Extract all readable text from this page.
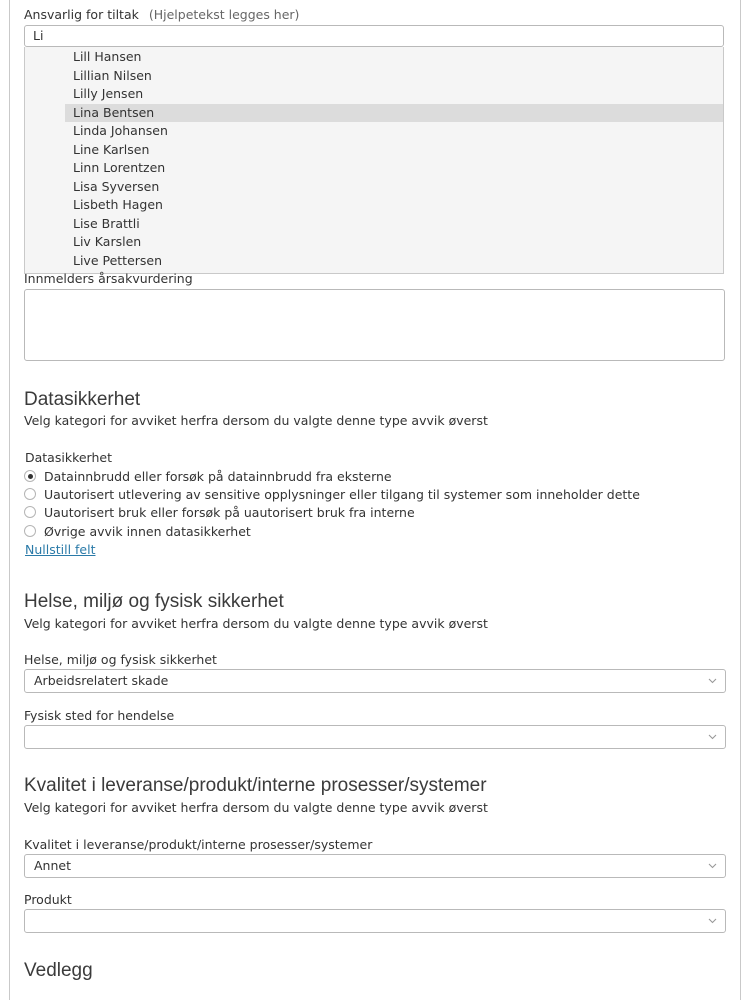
Ansvarlig for tiltak (Hjelpetekst legges her)
Li
Lill Hansen
Lillian Nilsen
Lilly Jensen
Lina Bentsen
Linda Johansen
Line Karlsen
Linn Lorentzen
Lisa Syversen
Lisbeth Hagen
Lise Brattli
Liv Karslen
Live Pettersen
Innmelders årsakvurdering
Datasikkerhet
Velg kategori for avviket herfra dersom du valgte denne type avvik øverst
Datasikkerhet
Datainnbrudd eller forsøk på datainnbrudd fra eksterne
Uautorisert utlevering av sensitive opplysninger eller tilgang til systemer som inneholder dette
Uautorisert bruk eller forsøk på uautorisert bruk fra interne
Øvrige avvik innen datasikkerhet
Nullstill felt
Helse, miljø og fysisk sikkerhet
Velg kategori for avviket herfra dersom du valgte denne type avvik øverst
Helse, miljø og fysisk sikkerhet
Arbeidsrelatert skade
Fysisk sted for hendelse
Kvalitet i leveranse/produkt/interne prosesser/systemer
Velg kategori for avviket herfra dersom du valgte denne type avvik øverst
Kvalitet i leveranse/produkt/interne prosesser/systemer
Annet
Produkt
Vedlegg
